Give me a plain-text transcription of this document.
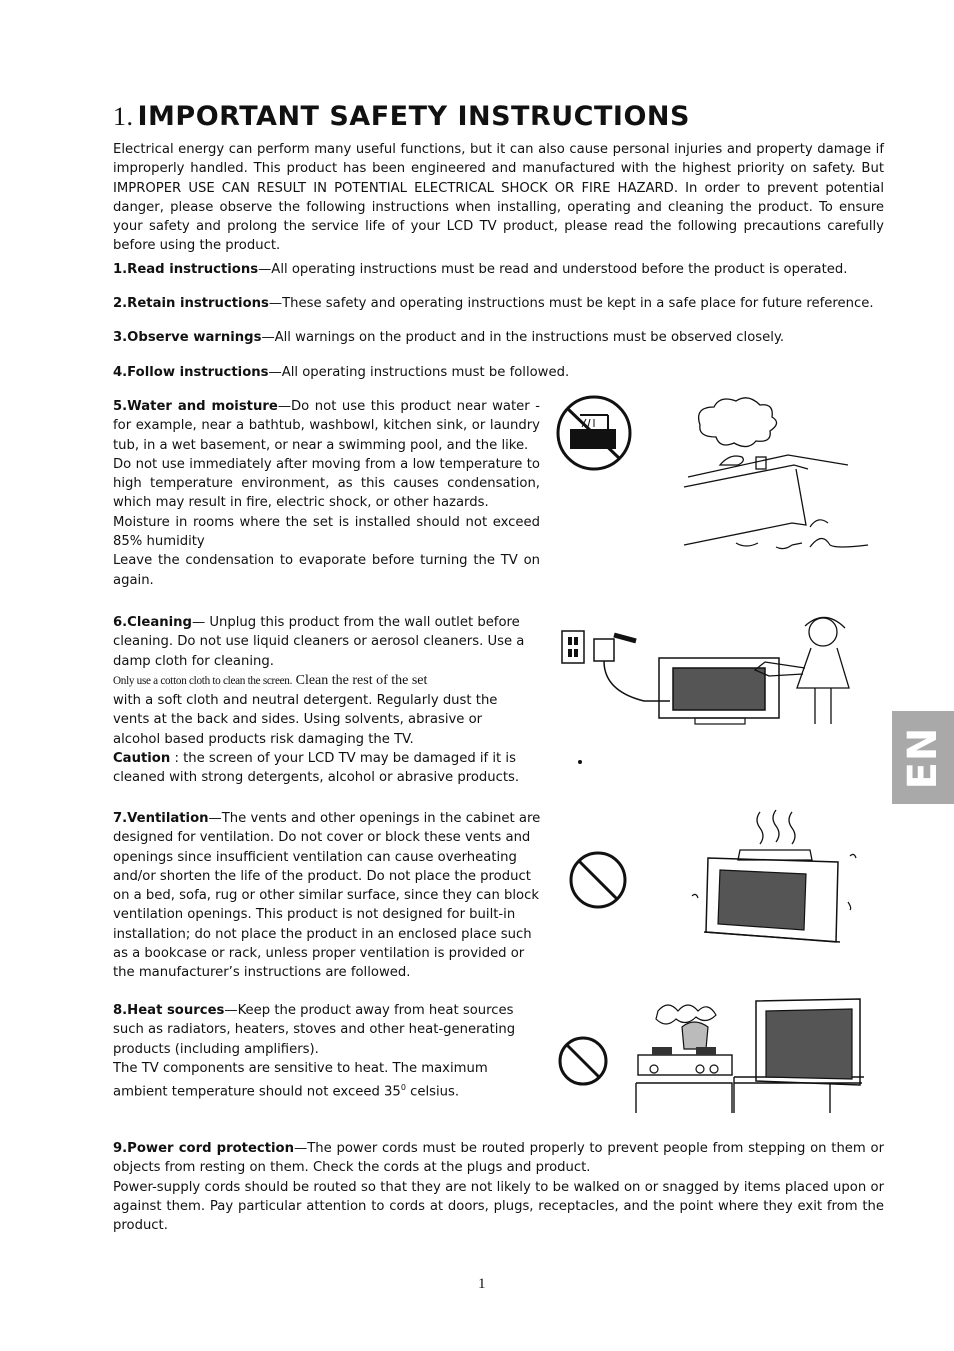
1. IMPORTANT SAFETY INSTRUCTIONS

Electrical energy can perform many useful functions, but it can also cause personal injuries and property damage if improperly handled. This product has been engineered and manufactured with the highest priority on safety. But IMPROPER USE CAN RESULT IN POTENTIAL ELECTRICAL SHOCK OR FIRE HAZARD. In order to prevent potential danger, please observe the following instructions when installing, operating and cleaning the product. To ensure your safety and prolong the service life of your LCD TV product, please read the following precautions carefully before using the product.

1.Read instructions—All operating instructions must be read and understood before the product is operated.

2.Retain instructions—These safety and operating instructions must be kept in a safe place for future reference.

3.Observe warnings—All warnings on the product and in the instructions must be observed closely.

4.Follow instructions—All operating instructions must be followed.

5.Water and moisture—Do not use this product near water - for example, near a bathtub, washbowl, kitchen sink, or laundry tub, in a wet basement, or near a swimming pool, and the like.
Do not use immediately after moving from a low temperature to high temperature environment, as this causes condensation, which may result in fire, electric shock, or other hazards.
Moisture in rooms where the set is installed should not exceed 85% humidity
Leave the condensation to evaporate before turning the TV on again.
6.Cleaning— Unplug this product from the wall outlet before cleaning. Do not use liquid cleaners or aerosol cleaners. Use a damp cloth for cleaning.
Only use a cotton cloth to clean the screen. Clean the rest of the set
with a soft cloth and neutral detergent. Regularly dust the vents at the back and sides. Using solvents, abrasive or alcohol based products risk damaging the TV.
Caution : the screen of your LCD TV may be damaged if it is cleaned with strong detergents, alcohol or abrasive products.
7.Ventilation—The vents and other openings in the cabinet are
designed for ventilation. Do not cover or block these vents and
openings since insufficient ventilation can cause overheating
and/or shorten the life of the product. Do not place the product
on a bed, sofa, rug or other similar surface, since they can block
ventilation openings. This product is not designed for built-in
installation; do not place the product in an enclosed place such
as a bookcase or rack, unless proper ventilation is provided or
the manufacturer’s instructions are followed.
8.Heat sources—Keep the product away from heat sources
such as radiators, heaters, stoves and other heat-generating
products (including amplifiers).
The TV components are sensitive to heat. The maximum
ambient temperature should not exceed $35^0$ celsius.
9.Power cord protection—The power cords must be routed properly to prevent people from stepping on them or objects from resting on them. Check the cords at the plugs and product.
Power-supply cords should be routed so that they are not likely to be walked on or snagged by items placed upon or against them. Pay particular attention to cords at doors, plugs, receptacles, and the point where they exit from the product.
EN
1
